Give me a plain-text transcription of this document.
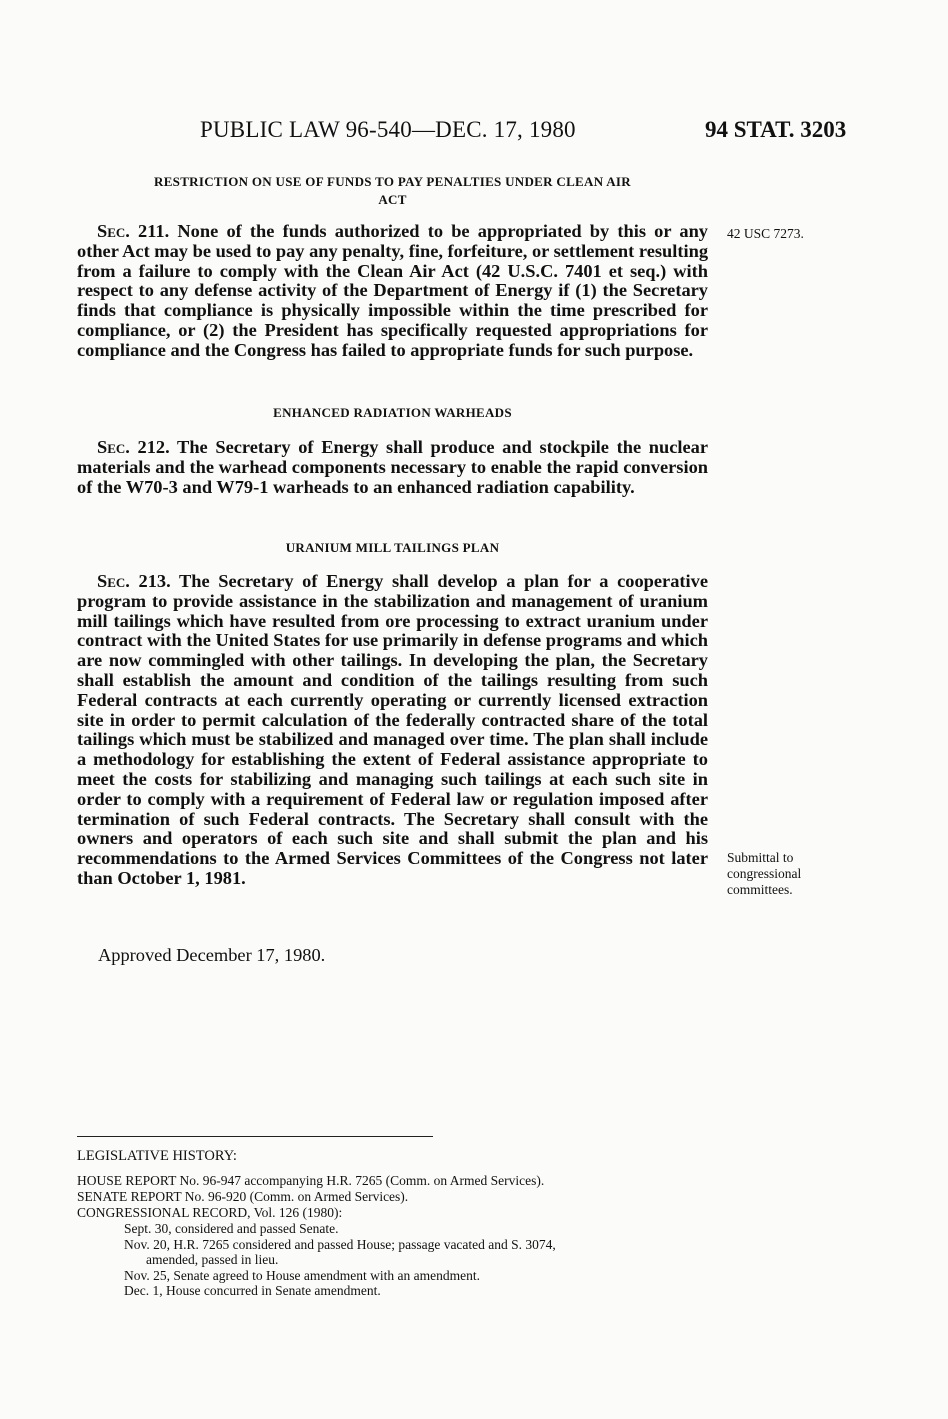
PUBLIC LAW 96-540—DEC. 17, 1980	94 STAT. 3203
RESTRICTION ON USE OF FUNDS TO PAY PENALTIES UNDER CLEAN AIR
ACT

Sec. 211. None of the funds authorized to be appropriated by this or any other Act may be used to pay any penalty, fine, forfeiture, or settlement resulting from a failure to comply with the Clean Air Act (42 U.S.C. 7401 et seq.) with respect to any defense activity of the Department of Energy if (1) the Secretary finds that compliance is physically impossible within the time prescribed for compliance, or (2) the President has specifically requested appropriations for compliance and the Congress has failed to appropriate funds for such purpose.

42 USC 7273.
ENHANCED RADIATION WARHEADS

Sec. 212. The Secretary of Energy shall produce and stockpile the nuclear materials and the warhead components necessary to enable the rapid conversion of the W70-3 and W79-1 warheads to an enhanced radiation capability.

URANIUM MILL TAILINGS PLAN

Sec. 213. The Secretary of Energy shall develop a plan for a cooperative program to provide assistance in the stabilization and management of uranium mill tailings which have resulted from ore processing to extract uranium under contract with the United States for use primarily in defense programs and which are now commingled with other tailings. In developing the plan, the Secretary shall establish the amount and condition of the tailings resulting from such Federal contracts at each currently operating or currently licensed extraction site in order to permit calculation of the federally contracted share of the total tailings which must be stabilized and managed over time. The plan shall include a methodology for establishing the extent of Federal assistance appropriate to meet the costs for stabilizing and managing such tailings at each such site in order to comply with a requirement of Federal law or regulation imposed after termination of such Federal contracts. The Secretary shall consult with the owners and operators of each such site and shall submit the plan and his recommendations to the Armed Services Committees of the Congress not later than October 1, 1981.

Submittal to
congressional
committees.
Approved December 17, 1980.
LEGISLATIVE HISTORY:
HOUSE REPORT No. 96-947 accompanying H.R. 7265 (Comm. on Armed Services).
SENATE REPORT No. 96-920 (Comm. on Armed Services).
CONGRESSIONAL RECORD, Vol. 126 (1980):
Sept. 30, considered and passed Senate.
Nov. 20, H.R. 7265 considered and passed House; passage vacated and S. 3074,
amended, passed in lieu.
Nov. 25, Senate agreed to House amendment with an amendment.
Dec. 1, House concurred in Senate amendment.
